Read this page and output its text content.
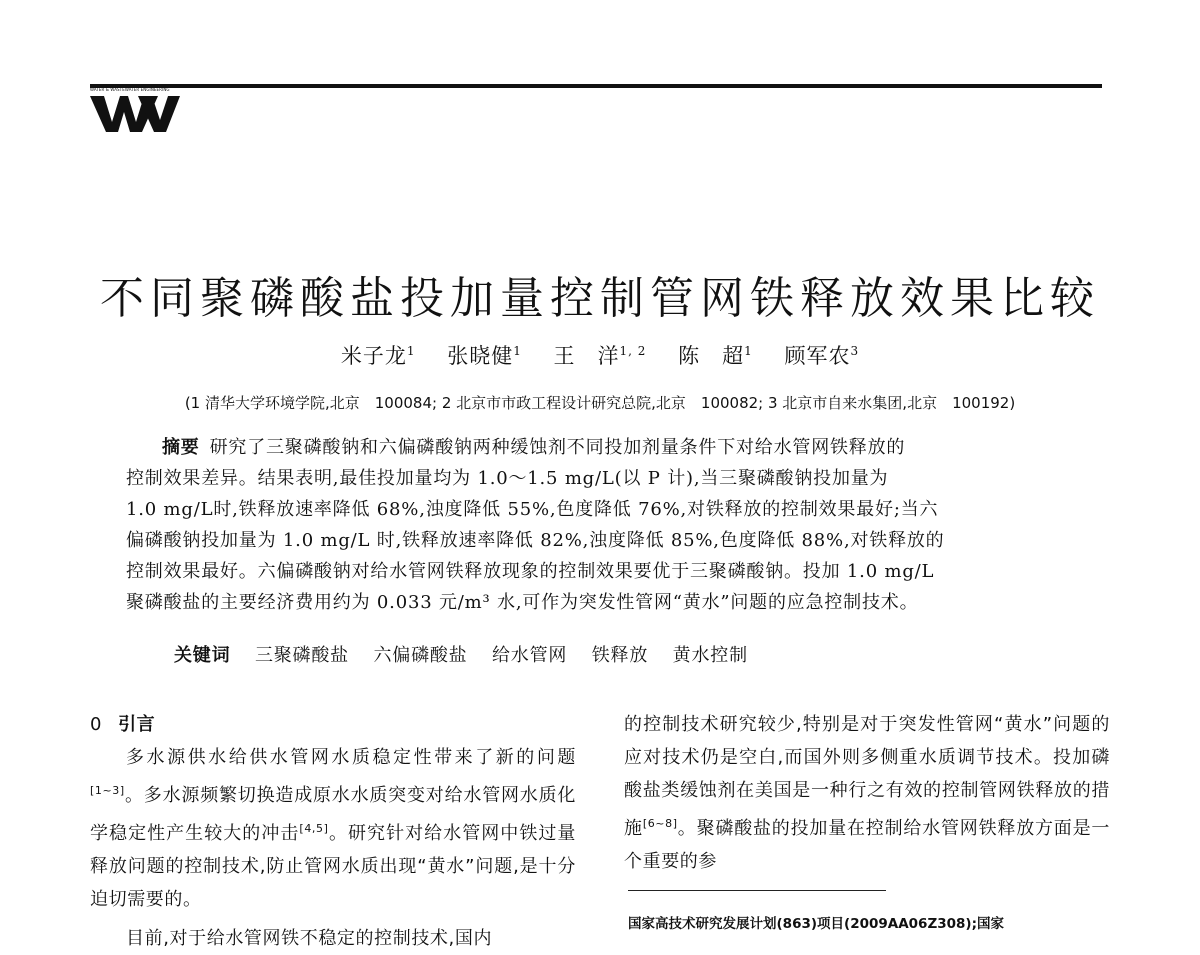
WATER & WASTEWATER ENGINEERING
不同聚磷酸盐投加量控制管网铁释放效果比较
米子龙$^1$ 张晓健$^1$ 王　洋$^{1, 2}$ 陈　超$^1$ 顾军农$^3$
(1 清华大学环境学院,北京　100084; 2 北京市市政工程设计研究总院,北京　100082; 3 北京市自来水集团,北京　100192)
摘要 研究了三聚磷酸钠和六偏磷酸钠两种缓蚀剂不同投加剂量条件下对给水管网铁释放的
控制效果差异。结果表明,最佳投加量均为 1.0～1.5 mg/L(以 P 计),当三聚磷酸钠投加量为
1.0 mg/L时,铁释放速率降低 68%,浊度降低 55%,色度降低 76%,对铁释放的控制效果最好;当六
偏磷酸钠投加量为 1.0 mg/L 时,铁释放速率降低 82%,浊度降低 85%,色度降低 88%,对铁释放的
控制效果最好。六偏磷酸钠对给水管网铁释放现象的控制效果要优于三聚磷酸钠。投加 1.0 mg/L
聚磷酸盐的主要经济费用约为 0.033 元/m³ 水,可作为突发性管网“黄水”问题的应急控制技术。
关键词 三聚磷酸盐 六偏磷酸盐 给水管网 铁释放 黄水控制
0 引言
多水源供水给供水管网水质稳定性带来了新的问题[1~3]。多水源频繁切换造成原水水质突变对给水管网水质化学稳定性产生较大的冲击[4,5]。研究针对给水管网中铁过量释放问题的控制技术,防止管网水质出现“黄水”问题,是十分迫切需要的。
目前,对于给水管网铁不稳定的控制技术,国内
的控制技术研究较少,特别是对于突发性管网“黄水”问题的应对技术仍是空白,而国外则多侧重水质调节技术。投加磷酸盐类缓蚀剂在美国是一种行之有效的控制管网铁释放的措施[6~8]。聚磷酸盐的投加量在控制给水管网铁释放方面是一个重要的参
国家高技术研究发展计划(863)项目(2009AA06Z308);国家
